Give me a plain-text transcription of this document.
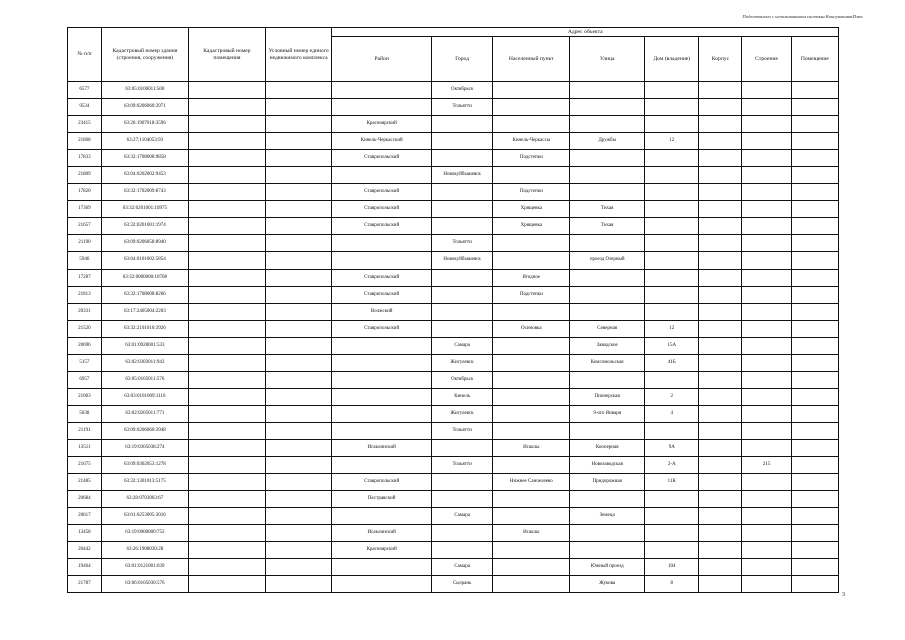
Подготовлено с использованием системы КонсультантПлюс
№ п/п	Кадастровый номер здания (строения, сооружения)	Кадастровый номер помещения	Условный номер единого недвижимого комплекса	Адрес объекта							
				Район	Город	Населенный пункт	Улица	Дом (владение)	Корпус	Строение	Помещение
6577	63:05:0106011:500				Октябрьск						
9534	63:09:0206060:3971				Тольятти						
23415	63:26:1907018:3596			Красноярский							
21868	63:27:1104053:93			Кинель-Черкасский		Кинель-Черкассы	Дружбы	12			
17833	63:32:1708008:9858			Ставропольский		Подстепки					
21809	63:04:0202002:9453				Новокуйбышевск						
17820	63:32:1702009:8743			Ставропольский		Подстепки					
17369	63:32:0201001:10975			Ставропольский		Хрящевка	Тихая				
21657	63:32:0201001:1974			Ставропольский		Хрящевка	Тихая				
21190	63:09:0206058:8940				Тольятти						
5946	63:04:0101002:5854				Новокуйбышевск		проезд Озерный				
17287	63:32:0000000:10708			Ставропольский		Ягодное					
21813	63:32:1708008:8266			Ставропольский		Подстепки					
20331	63:17:2405004:2203			Волжский							
21520	63:32:2101010:3926			Ставропольский		Осиновка	Северная	12			
20696	63:01:0928001:533				Самара		Заводское	15А			
5157	63:02:0303011:943				Жигулевск		Комсомольская	41Б			
6957	63:05:0105011:576				Октябрьск						
21003	63:03:0101009:1116				Кинель		Пионерская	2			
5038	63:02:0205011:771				Жигулевск		9-ого Января	4			
21191	63:09:0206060:3948				Тольятти						
13511	63:19:0305038:274			Исаклинский		Исаклы	Кооперная	9А			
21675	63:09:0302053:1278				Тольятти		Новозаводская	2-А		215	
21485	63:32:1301013:5175			Ставропольский		Нижнее Санчелеево	Придорожная	11К			
20684	63:28:0703003:67			Пестравский							
20617	63:01:0253005:3016				Самара		Земеца				
13458	63:19:0000000:752			Исаклинский		Исаклы					
20442	63:26:1908030:28			Красноярский							
19464	63:01:0121001:639				Самара		Южный проезд	104			
21787	63:06:0105030:576				Сызрань		Жукова	8			
3
